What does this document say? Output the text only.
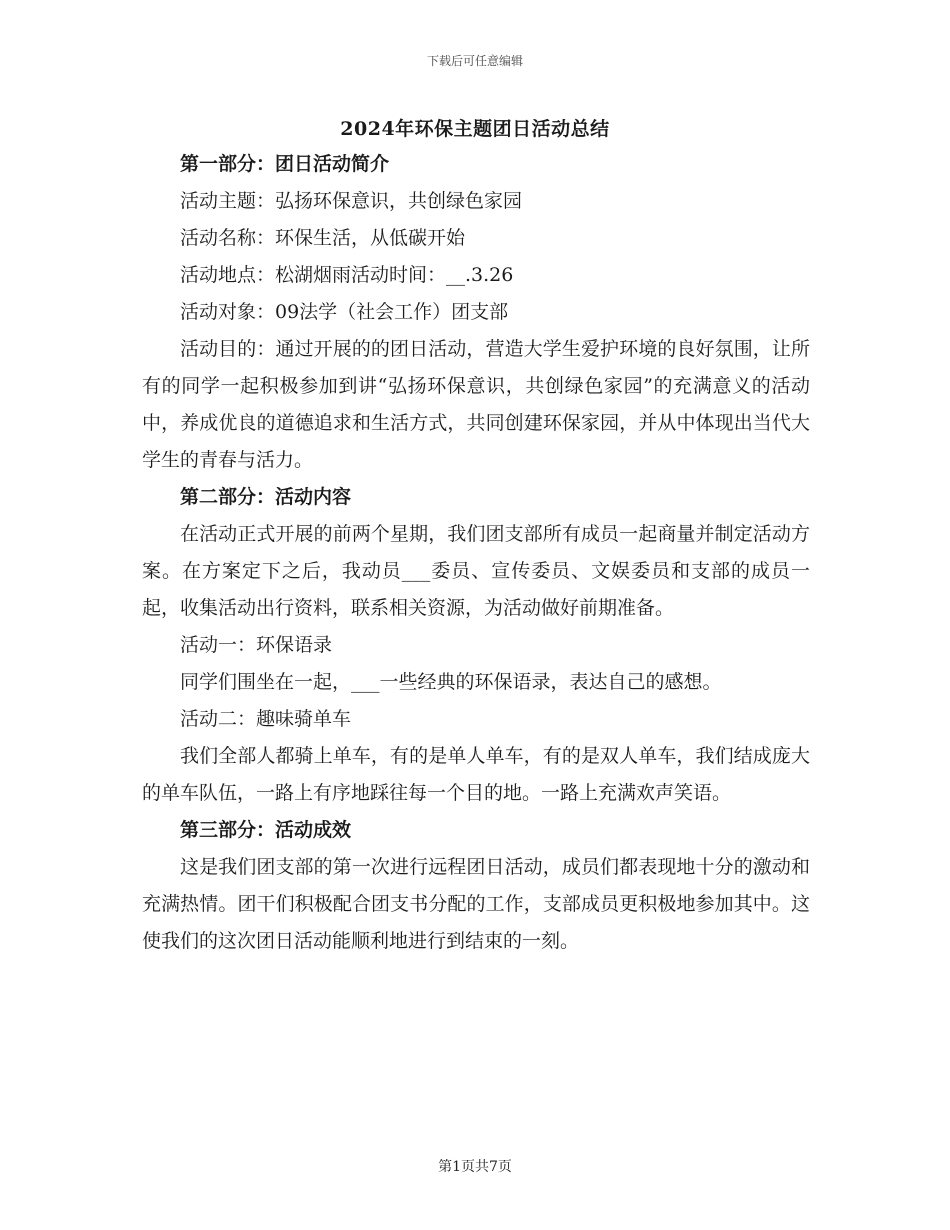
下载后可任意编辑
2024年环保主题团日活动总结

第一部分：团日活动简介

活动主题：弘扬环保意识，共创绿色家园

活动名称：环保生活，从低碳开始

活动地点：松湖烟雨活动时间：__.3.26

活动对象：09法学（社会工作）团支部

活动目的：通过开展的的团日活动，营造大学生爱护环境的良好氛围，让所有的同学一起积极参加到讲“弘扬环保意识，共创绿色家园”的充满意义的活动中，养成优良的道德追求和生活方式，共同创建环保家园，并从中体现出当代大学生的青春与活力。

第二部分：活动内容

在活动正式开展的前两个星期，我们团支部所有成员一起商量并制定活动方案。在方案定下之后，我动员___委员、宣传委员、文娱委员和支部的成员一起，收集活动出行资料，联系相关资源，为活动做好前期准备。

活动一：环保语录

同学们围坐在一起，___一些经典的环保语录，表达自己的感想。

活动二：趣味骑单车

我们全部人都骑上单车，有的是单人单车，有的是双人单车，我们结成庞大的单车队伍，一路上有序地踩往每一个目的地。一路上充满欢声笑语。

第三部分：活动成效

这是我们团支部的第一次进行远程团日活动，成员们都表现地十分的激动和充满热情。团干们积极配合团支书分配的工作，支部成员更积极地参加其中。这使我们的这次团日活动能顺利地进行到结束的一刻。

第1页共7页
